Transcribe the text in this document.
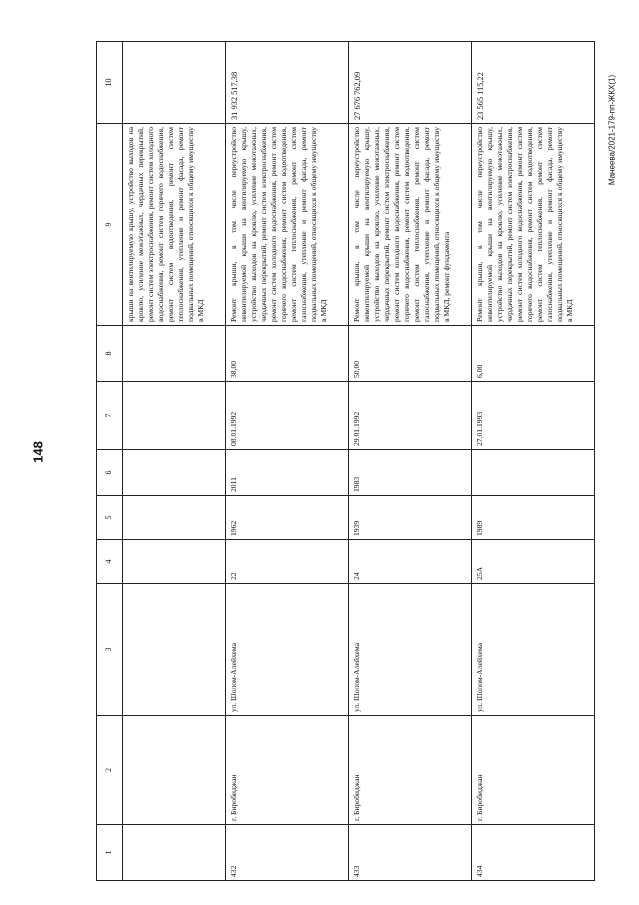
148
1	2	3	4	5	6	7	8	9	10
								крыши на вентилируемую крышу, устройство выходов на кровлю, усиление межэтажных, чердачных перекрытий, ремонт систем электроснабжения, ремонт систем холодного водоснабжения, ремонт систем горячего водоснабжения, ремонт систем водоотведения, ремонт систем теплоснабжения, утепление и ремонт фасада, ремонт подвальных помещений, относящихся к общему имуществу в МКД	
432	г. Биробиджан	ул. Шолом-Алейхема	22	1962	2011	08.01.1992	38,00	Ремонт крыши, в том числе переустройство невентилируемой крыши на вентилируемую крышу, устройство выходов на кровлю, усиление межэтажных, чердачных перекрытий, ремонт систем электроснабжения, ремонт систем холодного водоснабжения, ремонт систем горячего водоснабжения, ремонт систем водоотведения, ремонт систем теплоснабжения, ремонт систем газоснабжения, утепление и ремонт фасада, ремонт подвальных помещений, относящихся к общему имуществу в МКД	31 932 517,38
433	г. Биробиджан	ул. Шолом-Алейхема	24	1939	1983	29.01.1992	50,00	Ремонт крыши, в том числе переустройство невентилируемой крыши на вентилируемую крышу, устройство выходов на кровлю, усиление межэтажных, чердачных перекрытий, ремонт систем электроснабжения, ремонт систем холодного водоснабжения, ремонт систем горячего водоснабжения, ремонт систем водоотведения, ремонт систем теплоснабжения, ремонт систем газоснабжения, утепление и ремонт фасада, ремонт подвальных помещений, относящихся к общему имуществу в МКД, ремонт фундамента	27 676 762,09
434	г. Биробиджан	ул. Шолом-Алейхема	25А	1989		27.01.1993	6,00	Ремонт крыши, в том числе переустройство невентилируемой крыши на вентилируемую крышу, устройство выходов на кровлю, усиление межэтажных, чердачных перекрытий, ремонт систем электроснабжения, ремонт систем холодного водоснабжения, ремонт систем горячего водоснабжения, ремонт систем водоотведения, ремонт систем теплоснабжения, ремонт систем газоснабжения, утепление и ремонт фасада, ремонт подвальных помещений, относящихся к общему имуществу в МКД	23 565 115,22	Манеева/2021-179-пп-ЖКХ(1)
